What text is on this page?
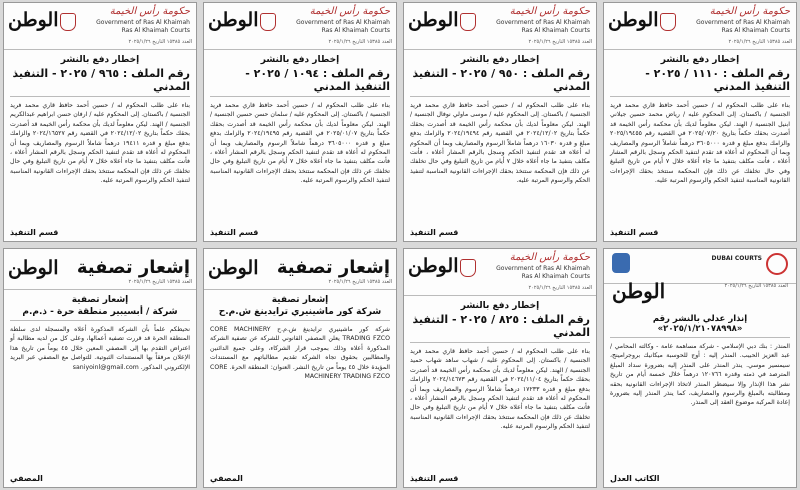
الوطن	حكومة رأس الخيمة
Government of Ras Al Khaimah
Ras Al Khaimah Courts
العدد ١٥٣٨٥ التاريخ ٢٠٢٥/١/٢٦
إخطار دفع بالنشر
رقم الملف : ١١١٠ / ٢٠٢٥ - التنفيذ المدني
بناء على طلب المحكوم له / حسين أحمد حافظ قاري محمد فريد الجنسية / باكستان. إلى المحكوم عليه / رياض محمد حسين جيلاني ابنيل الجنسية / الهند. ليكن معلوماً لديك بأن محكمة رأس الخيمة قد أصدرت بحقك حكماً بتاريخ ٢٠٢٥/٠٧/٢٠ في القضية رقم ٢٠٢٥/١٩٤٥٥ والزامك بدفع مبلغ و قدره ٣٦٠٥٠٠٠ درهماً شاملاً الرسوم والمصاريف وبما أن المحكوم له أعلاه قد تقدم لتنفيذ الحكم وسجل بالرقم المشار أعلاه ، فأنت مكلف بتنفيذ ما جاء أعلاه خلال ٧ أيام من تاريخ التبليغ وفي حال تخلفك عن ذلك فإن المحكمة ستتخذ بحقك الإجراءات القانونية المناسبة لتنفيذ الحكم والرسوم المرتبة عليه.
قسم التنفيذ
الوطن	حكومة رأس الخيمة
Government of Ras Al Khaimah
Ras Al Khaimah Courts
العدد ١٥٣٨٥ التاريخ ٢٠٢٥/١/٢٦
إخطار دفع بالنشر
رقم الملف : ٩٥٠ / ٢٠٢٥ - التنفيذ المدني
بناء على طلب المحكوم له / حسين أحمد حافظ قاري محمد فريد الجنسية / باكستان. إلى المحكوم عليه / موسى ماولي نوفال الجنسية / الهند. ليكن معلوماً لديك بأن محكمة رأس الخيمة قد أصدرت بحقك حكماً بتاريخ ٢٠٢٤/١٢/٠٢ في القضية رقم ٢٠٢٤/١٩٤٩٤ والزامك بدفع مبلغ و قدره ١٦٠٣٠ درهماً شاملاً الرسوم والمصاريف وبما أن المحكوم له أعلاه قد تقدم لتنفيذ الحكم وسجل بالرقم المشار أعلاه ، فأنت مكلف بتنفيذ ما جاء أعلاه خلال ٧ أيام من تاريخ التبليغ وفي حال تخلفك عن ذلك فإن المحكمة ستتخذ بحقك الإجراءات القانونية المناسبة لتنفيذ الحكم والرسوم المرتبة عليه.
قسم التنفيذ
الوطن	حكومة رأس الخيمة
Government of Ras Al Khaimah
Ras Al Khaimah Courts
العدد ١٥٣٨٥ التاريخ ٢٠٢٥/١/٢٦
إخطار دفع بالنشر
رقم الملف : ١٠٩٤ / ٢٠٢٥ - التنفيذ المدني
بناء على طلب المحكوم له / حسين أحمد حافظ قاري محمد فريد الجنسية / باكستان. إلى المحكوم عليه / سلمان حسن حسين الجنسية / الهند. ليكن معلوماً لديك بأن محكمة رأس الخيمة قد أصدرت بحقك حكماً بتاريخ ٢٠٢٥/٠١/٠٧ في القضية رقم ٢٠٢٤/١٩٤٩٥ والزامك بدفع مبلغ و قدره ٣٦٠٥٠٠٠ درهماً شاملاً الرسوم والمصاريف وبما أن المحكوم له أعلاه قد تقدم لتنفيذ الحكم وسجل بالرقم المشار أعلاه ، فأنت مكلف بتنفيذ ما جاء أعلاه خلال ٧ أيام من تاريخ التبليغ وفي حال تخلفك عن ذلك فإن المحكمة ستتخذ بحقك الإجراءات القانونية المناسبة لتنفيذ الحكم والرسوم المرتبة عليه.
قسم التنفيذ
الوطن	حكومة رأس الخيمة
Government of Ras Al Khaimah
Ras Al Khaimah Courts
العدد ١٥٣٨٥ التاريخ ٢٠٢٥/١/٢٦
إخطار دفع بالنشر
رقم الملف : ٩٦٥ / ٢٠٢٥ - التنفيذ المدني
بناء على طلب المحكوم له / حسين أحمد حافظ قاري محمد فريد الجنسية / باكستان. إلى المحكوم عليه / ارفان حسن ابراهيم عبدالكريم الجنسية / الهند. ليكن معلوماً لديك بأن محكمة رأس الخيمة قد أصدرت بحقك حكماً بتاريخ ٢٠٢٤/١٢/٠٢ في القضية رقم ٢٠٢٤/١٦٥٢٧ والزامك بدفع مبلغ و قدره ١٩٤١١ درهماً شاملاً الرسوم والمصاريف وبما أن المحكوم له أعلاه قد تقدم لتنفيذ الحكم وسجل بالرقم المشار أعلاه ، فأنت مكلف بتنفيذ ما جاء أعلاه خلال ٧ أيام من تاريخ التبليغ وفي حال تخلفك عن ذلك فإن المحكمة ستتخذ بحقك الإجراءات القانونية المناسبة لتنفيذ الحكم والرسوم المرتبة عليه.
قسم التنفيذ
الوطن	حكومة رأس الخيمة
Government of Ras Al Khaimah
Ras Al Khaimah Courts
العدد ١٥٣٨٥ التاريخ ٢٠٢٥/١/٢٦
إخطار دفع بالنشر
رقم الملف : ٨٢٥ / ٢٠٢٥ - التنفيذ المدني
بناء على طلب المحكوم له / حسين أحمد حافظ قاري محمد فريد الجنسية / باكستان. إلى المحكوم عليه / شهاب ساهد شهاب حميد الجنسية / الهند. ليكن معلوماً لديك بأن محكمة رأس الخيمة قد أصدرت بحقك حكماً بتاريخ ٢٠٢٤/١١/٠٤ في القضية رقم ٢٠٢٤/١٤٦٧٣ والزامك بدفع مبلغ و قدره ١٧٢٣٣ درهماً شاملاً الرسوم والمصاريف وبما أن المحكوم له أعلاه قد تقدم لتنفيذ الحكم وسجل بالرقم المشار أعلاه ، فأنت مكلف بتنفيذ ما جاء أعلاه خلال ٧ أيام من تاريخ التبليغ وفي حال تخلفك عن ذلك فإن المحكمة ستتخذ بحقك الإجراءات القانونية المناسبة لتنفيذ الحكم والرسوم المرتبة عليه.
قسم التنفيذ
الوطن إشعار تصفية
العدد ١٥٣٨٥ التاريخ ٢٠٢٥/١/٢٦
إشعار تصفية
شركة كور ماشينيري ترايدينغ ش.م.ح
شركة كور ماشينيري ترايدينغ ش.م.ح CORE MACHINERY TRADING FZCO يعلن المصفي القانوني للشركة عن تصفية الشركة المذكورة أعلاه وذلك بموجب قرار الشركاء، وعلى جميع الدائنين والمطالبين بحقوق تجاه الشركة تقديم مطالباتهم مع المستندات المؤيدة خلال ٤٥ يوماً من تاريخ النشر. العنوان: المنطقة الحرة. CORE MACHINERY TRADING FZCO
المصفي
الوطن إشعار تصفية
العدد ١٥٣٨٥ التاريخ ٢٠٢٥/١/٢٦
إشعار تصفية
شركة / أبسيبير منطقة حرة - ذ.م.م
نحيطكم علماً بأن الشركة المذكورة أعلاه والمسجلة لدى سلطة المنطقة الحرة قد قررت تصفية أعمالها، وعلى كل من لديه مطالبة أو اعتراض التقدم بها إلى المصفي المعين خلال ٤٥ يوماً من تاريخ هذا الإعلان مرفقاً بها المستندات الثبوتية. للتواصل مع المصفي عبر البريد الإلكتروني المذكور. saniyoinl@gmail.com
المصفي
DUBAI COURTS
الوطن	العدد ١٥٣٨٥ التاريخ ٢٠٢٥/١/٢٦
إنذار عدلي بالنشر رقم «٢٠٢٥/١/٢١٠٧٨٩٩٨»
المنذر : بنك دبي الإسلامي - شركة مساهمة عامة - وكالته المحامي / عبد العزيز الحبيب. المنذر إليه : أوج للحوسبة ميكانيك بروجرامينج، سيمسير موسي. ينذر المنذر على المنذر إليه بضرورة سداد المبلغ المترصد في ذمته وقدره ١٢٠٧٦٦ درهماً خلال خمسة أيام من تاريخ نشر هذا الإنذار وإلا سيضطر المنذر لاتخاذ الإجراءات القانونية بحقه ومطالبته بالمبلغ والرسوم والمصاريف، كما ينذر المنذر إليه بضرورة إعادة المركبة موضوع العقد إلى المنذر.
الكاتب العدل
